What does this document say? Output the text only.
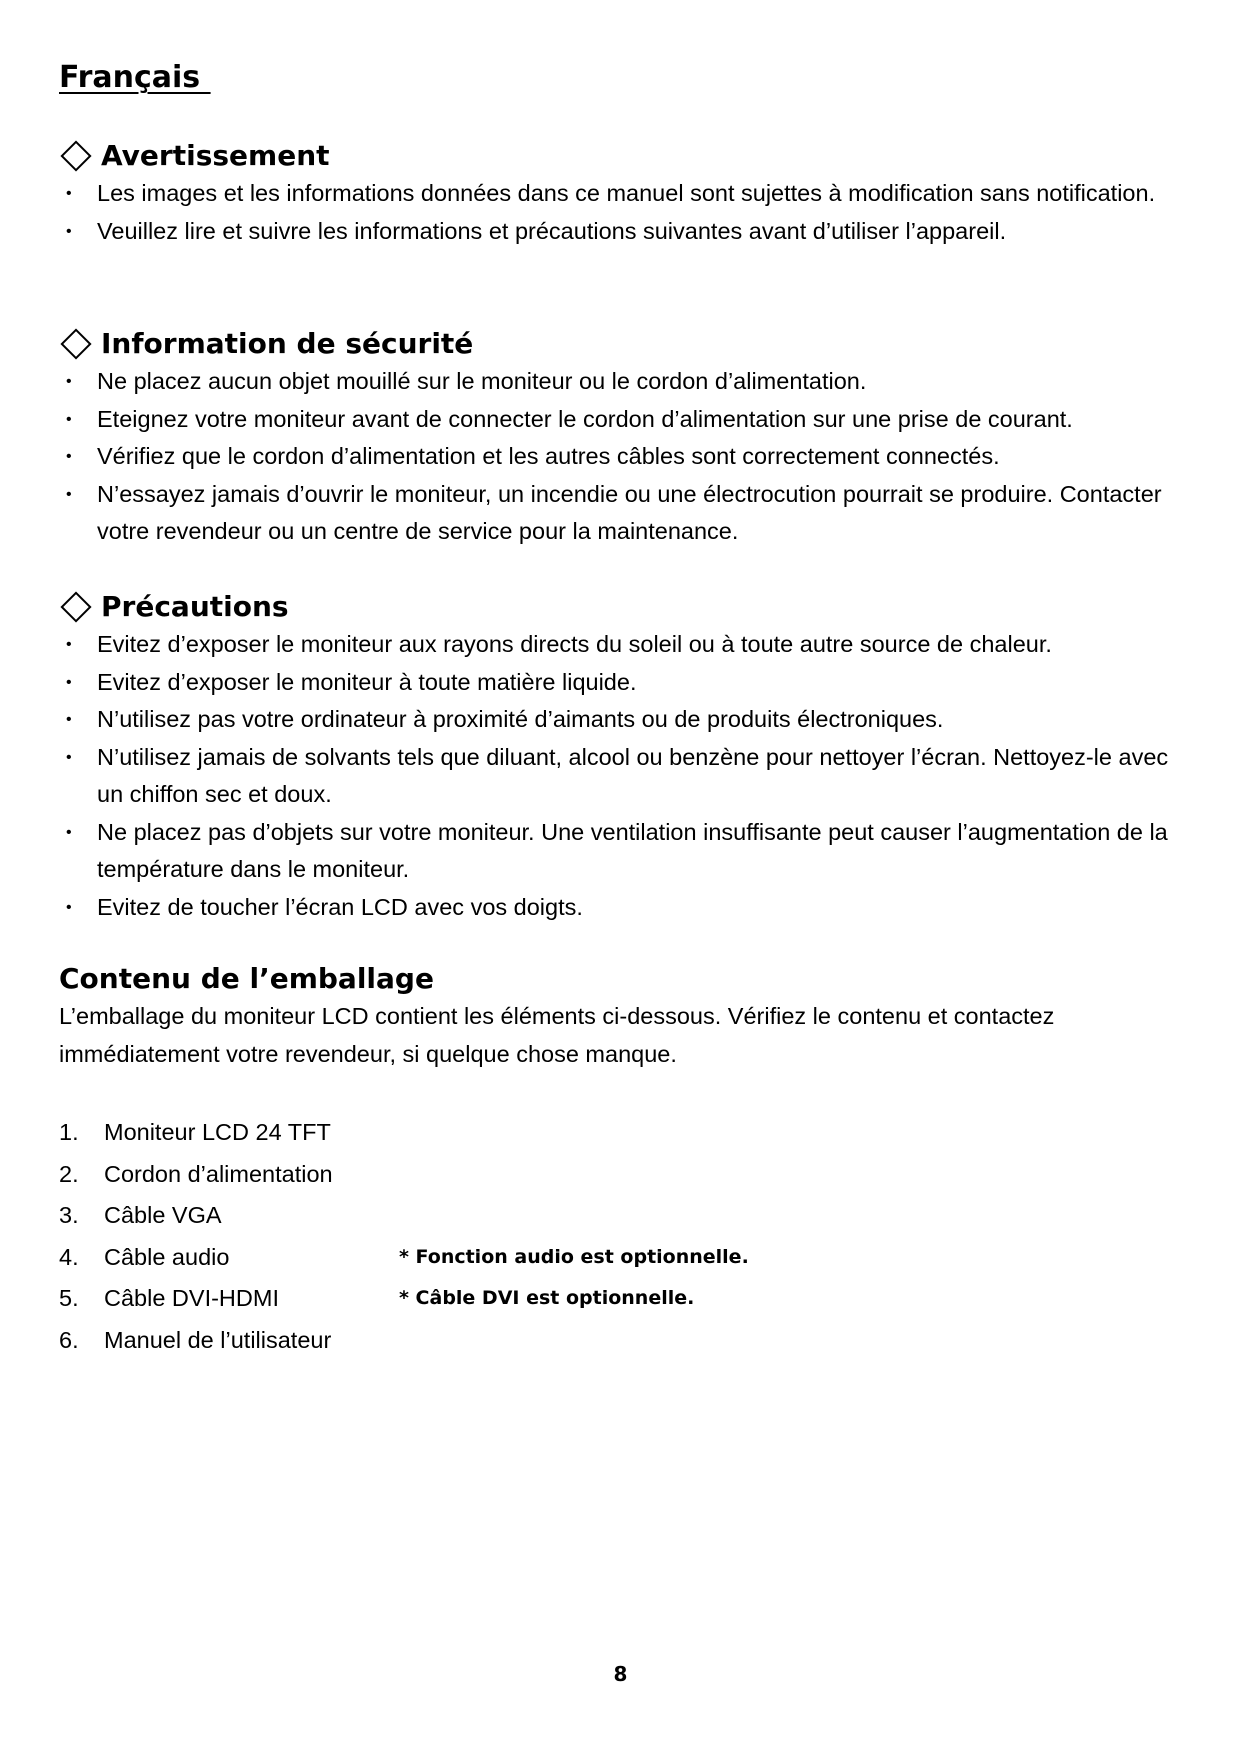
Français
Avertissement
• Les images et les informations données dans ce manuel sont sujettes à modification sans notification.
• Veuillez lire et suivre les informations et précautions suivantes avant d’utiliser l’appareil.
Information de sécurité
• Ne placez aucun objet mouillé sur le moniteur ou le cordon d’alimentation.
• Eteignez votre moniteur avant de connecter le cordon d’alimentation sur une prise de courant.
• Vérifiez que le cordon d’alimentation et les autres câbles sont correctement connectés.
• N’essayez jamais d’ouvrir le moniteur, un incendie ou une électrocution pourrait se produire. Contacter votre revendeur ou un centre de service pour la maintenance.
Précautions
• Evitez d’exposer le moniteur aux rayons directs du soleil ou à toute autre source de chaleur.
• Evitez d’exposer le moniteur à toute matière liquide.
• N’utilisez pas votre ordinateur à proximité d’aimants ou de produits électroniques.
• N’utilisez jamais de solvants tels que diluant, alcool ou benzène pour nettoyer l’écran. Nettoyez-le avec un chiffon sec et doux.
• Ne placez pas d’objets sur votre moniteur. Une ventilation insuffisante peut causer l’augmentation de la température dans le moniteur.
• Evitez de toucher l’écran LCD avec vos doigts.
Contenu de l’emballage

L’emballage du moniteur LCD contient les éléments ci-dessous. Vérifiez le contenu et contactez immédiatement votre revendeur, si quelque chose manque.

1. Moniteur LCD 24 TFT
2. Cordon d’alimentation
3. Câble VGA
4. Câble audio	* Fonction audio est optionnelle.
5. Câble DVI-HDMI	* Câble DVI est optionnelle.
6. Manuel de l’utilisateur
8
